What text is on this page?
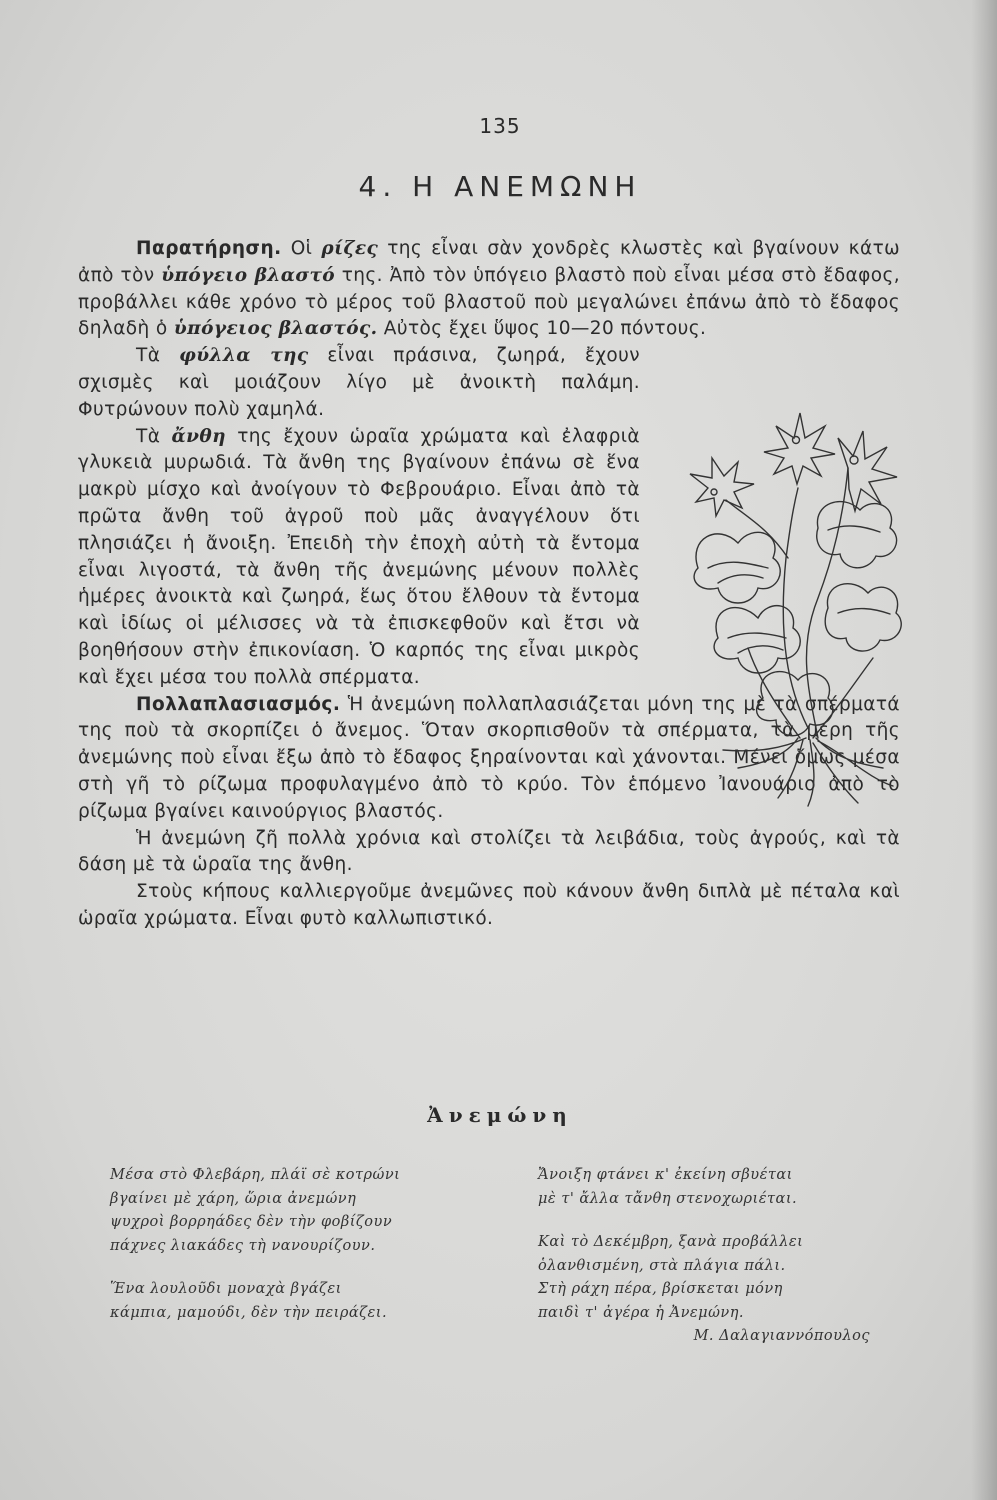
135
4. Η ΑΝΕΜΩΝΗ

Παρατήρηση. Οἱ ρίζες της εἶναι σὰν χονδρὲς κλωστὲς καὶ βγαίνουν κάτω ἀπὸ τὸν ὑπόγειο βλαστό της. Ἀπὸ τὸν ὑπόγειο βλαστὸ ποὺ εἶναι μέσα στὸ ἔδαφος, προβάλλει κάθε χρόνο τὸ μέρος τοῦ βλαστοῦ ποὺ μεγαλώνει ἐπάνω ἀπὸ τὸ ἔδαφος δηλαδὴ ὁ ὑπόγειος βλαστός. Αὐτὸς ἔχει ὕψος 10—20 πόντους.

Τὰ φύλλα της εἶναι πράσινα, ζωηρά, ἔχουν σχισμὲς καὶ μοιάζουν λίγο μὲ ἀνοικτὴ παλάμη. Φυτρώνουν πολὺ χαμηλά.

Τὰ ἄνθη της ἔχουν ὡραῖα χρώματα καὶ ἐλαφριὰ γλυκειὰ μυρωδιά. Τὰ ἄνθη της βγαίνουν ἐπάνω σὲ ἕνα μακρὺ μίσχο καὶ ἀνοίγουν τὸ Φεβρουάριο. Εἶναι ἀπὸ τὰ πρῶτα ἄνθη τοῦ ἀγροῦ ποὺ μᾶς ἀναγγέλουν ὅτι πλησιάζει ἡ ἄνοιξη. Ἐπειδὴ τὴν ἐποχὴ αὐτὴ τὰ ἔντομα εἶναι λιγοστά, τὰ ἄνθη τῆς ἀνεμώνης μένουν πολλὲς ἡμέρες ἀνοικτὰ καὶ ζωηρά, ἕως ὅτου ἔλθουν τὰ ἔντομα καὶ ἰδίως οἱ μέλισσες νὰ τὰ ἐπισκεφθοῦν καὶ ἔτσι νὰ βοηθήσουν στὴν ἐπικονίαση. Ὁ καρπός της εἶναι μικρὸς καὶ ἔχει μέσα του πολλὰ σπέρματα.

Πολλαπλασιασμός. Ἡ ἀνεμώνη πολλαπλασιάζεται μόνη της μὲ τὰ σπέρματά της ποὺ τὰ σκορπίζει ὁ ἄνεμος. Ὅταν σκορπισθοῦν τὰ σπέρματα, τὰ μέρη τῆς ἀνεμώνης ποὺ εἶναι ἔξω ἀπὸ τὸ ἔδαφος ξηραίνονται καὶ χάνονται. Μένει ὅμως μέσα στὴ γῆ τὸ ρίζωμα προφυλαγμένο ἀπὸ τὸ κρύο. Τὸν ἑπόμενο Ἰανουάριο ἀπὸ τὸ ρίζωμα βγαίνει καινούργιος βλαστός.

Ἡ ἀνεμώνη ζῆ πολλὰ χρόνια καὶ στολίζει τὰ λειβάδια, τοὺς ἀγρούς, καὶ τὰ δάση μὲ τὰ ὡραῖα της ἄνθη.

Στοὺς κήπους καλλιεργοῦμε ἀνεμῶνες ποὺ κάνουν ἄνθη διπλὰ μὲ πέταλα καὶ ὡραῖα χρώματα. Εἶναι φυτὸ καλλωπιστικό.

Ἀνεμώνη
Μέσα στὸ Φλεβάρη, πλάϊ σὲ κοτρώνι
βγαίνει μὲ χάρη, ὥρια ἀνεμώνη
ψυχροὶ βορρηάδες δὲν τὴν φοβίζουν
πάχνες λιακάδες τὴ νανουρίζουν.
Ἕνα λουλοῦδι μοναχὰ βγάζει
κάμπια, μαμούδι, δὲν τὴν πειράζει.
Ἄνοιξη φτάνει κ' ἐκείνη σβυέται
μὲ τ' ἄλλα τἄνθη στενοχωριέται.
Καὶ τὸ Δεκέμβρη, ξανὰ προβάλλει
ὁλανθισμένη, στὰ πλάγια πάλι.
Στὴ ράχη πέρα, βρίσκεται μόνη
παιδὶ τ' ἀγέρα ἡ Ἀνεμώνη.
Μ. Δαλαγιαννόπουλος
